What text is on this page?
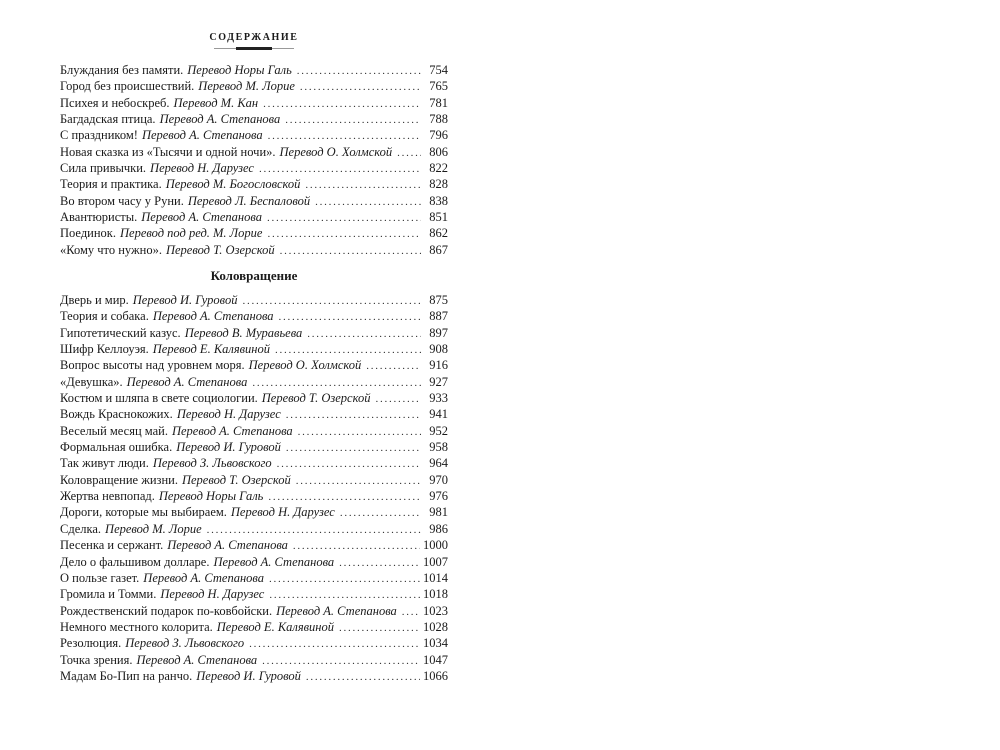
СОДЕРЖАНИЕ
Блуждания без памяти. Перевод Норы Галь . . .	754
Город без происшествий. Перевод М. Лорие . . .	765
Психея и небоскреб. Перевод М. Кан . . .	781
Багдадская птица. Перевод А. Степанова . . .	788
С праздником! Перевод А. Степанова . . .	796
Новая сказка из «Тысячи и одной ночи». Перевод О. Холмской . . .	806
Сила привычки. Перевод Н. Дарузес . . .	822
Теория и практика. Перевод М. Богословской . . .	828
Во втором часу у Руни. Перевод Л. Беспаловой . . .	838
Авантюристы. Перевод А. Степанова . . .	851
Поединок. Перевод под ред. М. Лорие . . .	862
«Кому что нужно». Перевод Т. Озерской . . .	867
Коловращение
Дверь и мир. Перевод И. Гуровой . . .	875
Теория и собака. Перевод А. Степанова . . .	887
Гипотетический казус. Перевод В. Муравьева . . .	897
Шифр Келлоуэя. Перевод Е. Калявиной . . .	908
Вопрос высоты над уровнем моря. Перевод О. Холмской . . .	916
«Девушка». Перевод А. Степанова . . .	927
Костюм и шляпа в свете социологии. Перевод Т. Озерской . . .	933
Вождь Краснокожих. Перевод Н. Дарузес . . .	941
Веселый месяц май. Перевод А. Степанова . . .	952
Формальная ошибка. Перевод И. Гуровой . . .	958
Так живут люди. Перевод З. Львовского . . .	964
Коловращение жизни. Перевод Т. Озерской . . .	970
Жертва невпопад. Перевод Норы Галь . . .	976
Дороги, которые мы выбираем. Перевод Н. Дарузес . . .	981
Сделка. Перевод М. Лорие . . .	986
Песенка и сержант. Перевод А. Степанова . . .	1000
Дело о фальшивом долларе. Перевод А. Степанова . . .	1007
О пользе газет. Перевод А. Степанова . . .	1014
Громила и Томми. Перевод Н. Дарузес . . .	1018
Рождественский подарок по-ковбойски. Перевод А. Степанова . . . 1023
Немного местного колорита. Перевод Е. Калявиной . . .	1028
Резолюция. Перевод З. Львовского . . .	1034
Точка зрения. Перевод А. Степанова . . .	1047
Мадам Бо-Пип на ранчо. Перевод И. Гуровой . . .	1066
